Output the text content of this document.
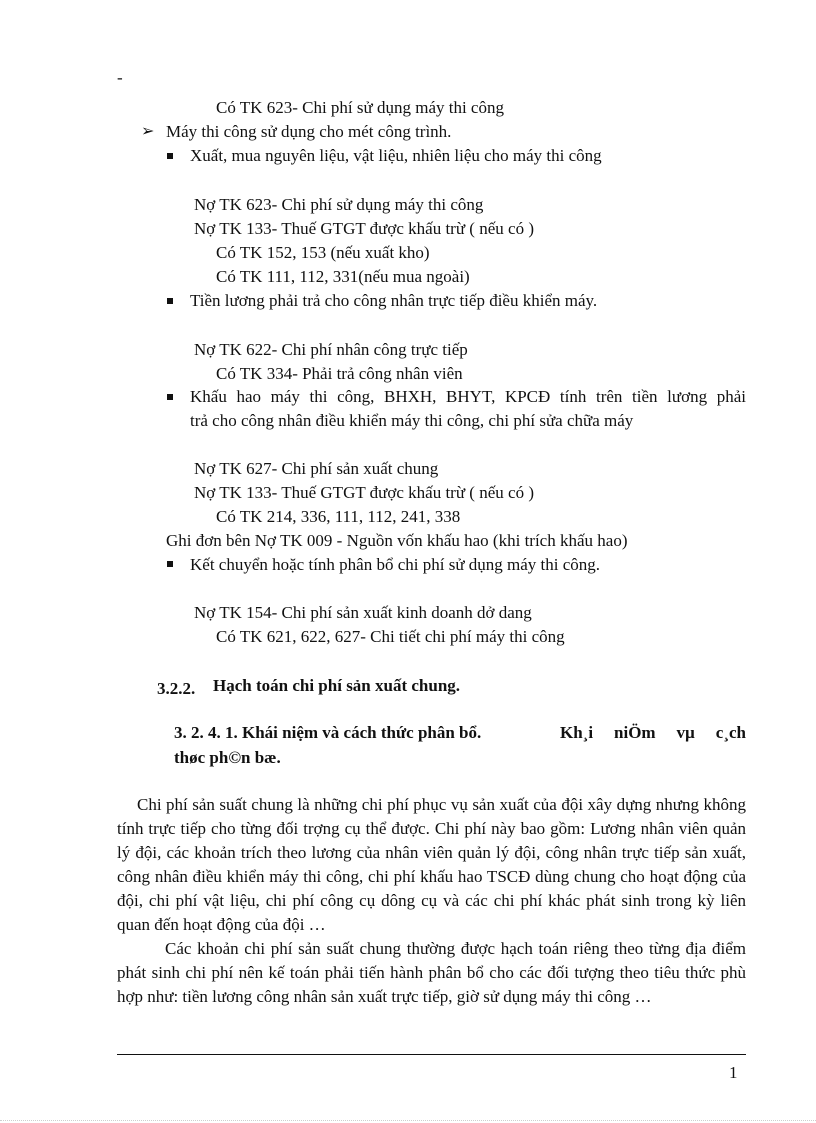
-
Có TK 623- Chi phí sử dụng máy thi công
➢ Máy thi công sử dụng cho mét công trình.
Xuất, mua nguyên liệu, vật liệu, nhiên liệu cho máy thi công
Nợ TK 623- Chi phí sử dụng máy thi công
Nợ TK 133- Thuế GTGT được khấu trừ ( nếu có )
Có TK 152, 153 (nếu xuất kho)
Có TK 111, 112, 331(nếu mua ngoài)
Tiền lương phải trả cho công nhân trực tiếp điều khiển máy.
Nợ TK 622- Chi phí nhân công trực tiếp
Có TK 334- Phải trả công nhân viên
Khấu hao máy thi công, BHXH, BHYT, KPCĐ tính trên tiền lương phải
trả cho công nhân điều khiển máy thi công, chi phí sửa chữa máy
Nợ TK 627- Chi phí sản xuất chung
Nợ TK 133- Thuế GTGT được khấu trừ ( nếu có )
Có TK 214, 336, 111, 112, 241, 338
Ghi đơn bên Nợ TK 009 - Nguồn vốn khấu hao (khi trích khấu hao)
Kết chuyển hoặc tính phân bổ chi phí sử dụng máy thi công.
Nợ TK 154- Chi phí sản xuất kinh doanh dở dang
Có TK 621, 622, 627- Chi tiết chi phí máy thi công
3.2.2. Hạch toán chi phí sản xuất chung.
3. 2. 4. 1. Khái niệm và cách thức phân bổ.	Kh¸i niÖm vµ c¸ch
thøc ph©n bæ.
Chi phí sản suất chung là những chi phí phục vụ sản xuất của đội xây dựng nhưng không tính trực tiếp cho từng đối trợng cụ thể được. Chi phí này bao gồm: Lương nhân viên quản lý đội, các khoản trích theo lương của nhân viên quản lý đội, công nhân trực tiếp sản xuất, công nhân điều khiển máy thi công, chi phí khấu hao TSCĐ dùng chung cho hoạt động của đội, chi phí vật liệu, chi phí công cụ dông cụ và các chi phí khác phát sinh trong kỳ liên quan đến hoạt động của đội …
Các khoản chi phí sản suất chung thường được hạch toán riêng theo từng địa điểm phát sinh chi phí nên kế toán phải tiến hành phân bổ cho các đối tượng theo tiêu thức phù hợp như: tiền lương công nhân sản xuất trực tiếp, giờ sử dụng máy thi công …
1
